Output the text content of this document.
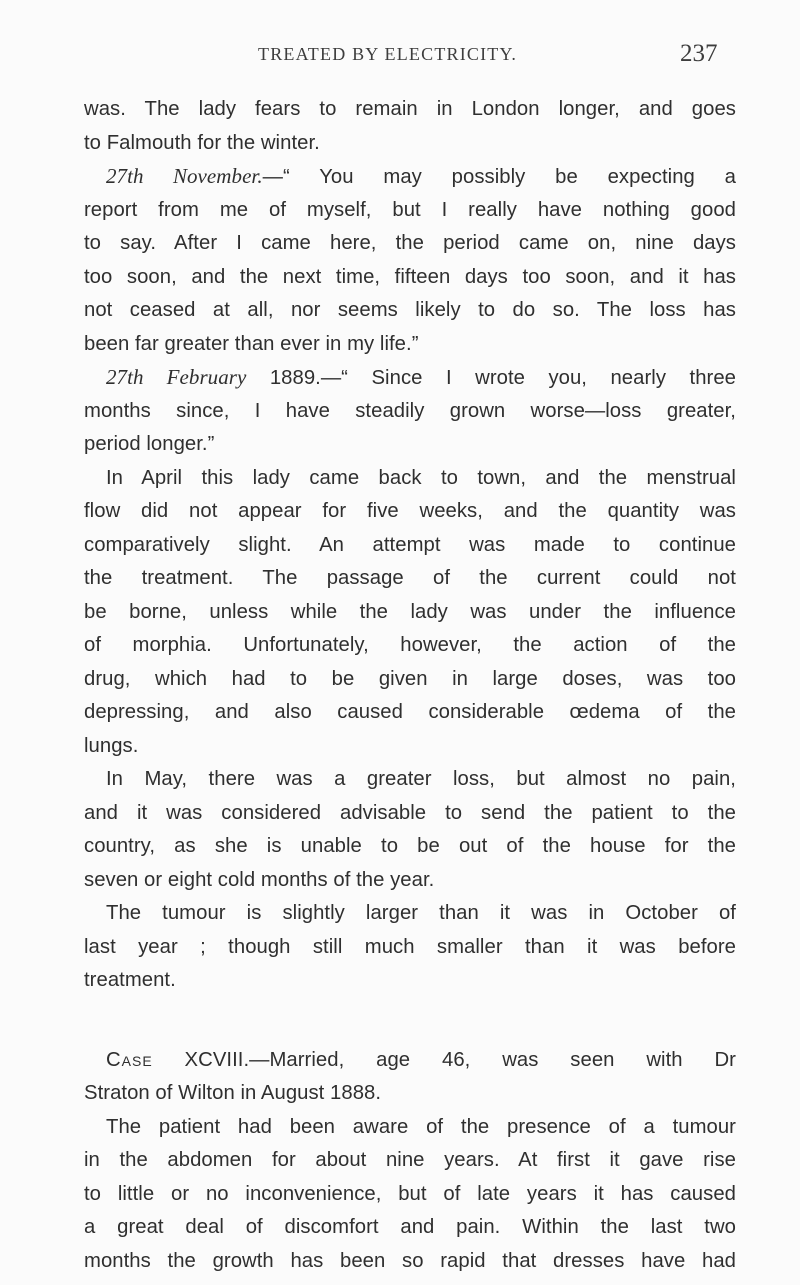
TREATED BY ELECTRICITY.	237
was. The lady fears to remain in London longer, and goes
to Falmouth for the winter.
27th November.—“ You may possibly be expecting a
report from me of myself, but I really have nothing good
to say. After I came here, the period came on, nine days
too soon, and the next time, fifteen days too soon, and it has
not ceased at all, nor seems likely to do so. The loss has
been far greater than ever in my life.”
27th February 1889.—“ Since I wrote you, nearly three
months since, I have steadily grown worse—loss greater,
period longer.”
In April this lady came back to town, and the menstrual
flow did not appear for five weeks, and the quantity was
comparatively slight. An attempt was made to continue
the treatment. The passage of the current could not
be borne, unless while the lady was under the influence
of morphia. Unfortunately, however, the action of the
drug, which had to be given in large doses, was too
depressing, and also caused considerable œdema of the
lungs.
In May, there was a greater loss, but almost no pain,
and it was considered advisable to send the patient to the
country, as she is unable to be out of the house for the
seven or eight cold months of the year.
The tumour is slightly larger than it was in October of
last year ; though still much smaller than it was before
treatment.
Case XCVIII.—Married, age 46, was seen with Dr
Straton of Wilton in August 1888.
The patient had been aware of the presence of a tumour
in the abdomen for about nine years. At first it gave rise
to little or no inconvenience, but of late years it has caused
a great deal of discomfort and pain. Within the last two
months the growth has been so rapid that dresses have had
